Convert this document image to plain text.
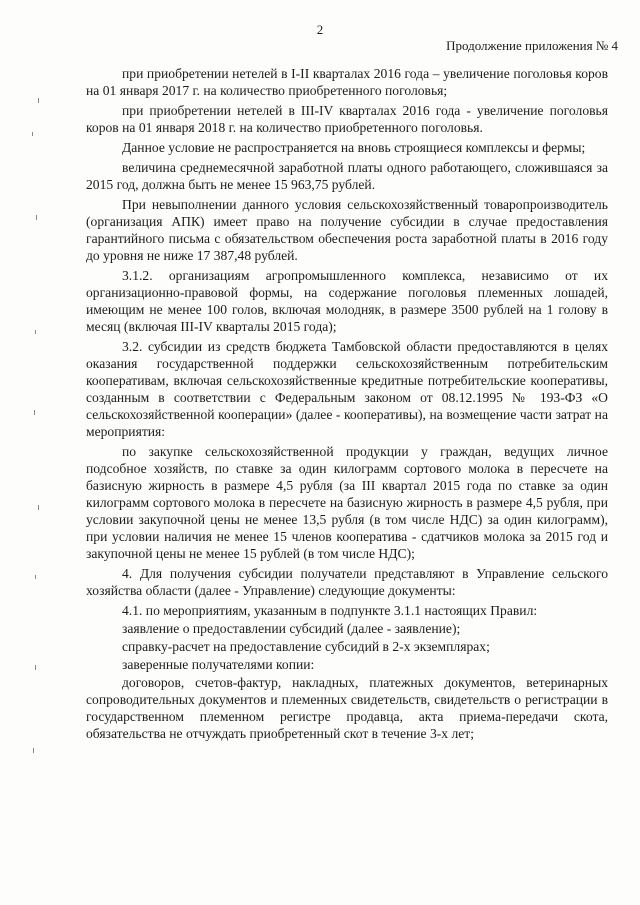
2
Продолжение приложения № 4

при приобретении нетелей в I-II кварталах 2016 года – увеличение поголовья коров на 01 января 2017 г. на количество приобретенного поголовья;

при приобретении нетелей в III-IV кварталах 2016 года - увеличение поголовья коров на 01 января 2018 г. на количество приобретенного поголовья.

Данное условие не распространяется на вновь строящиеся комплексы и фермы;

величина среднемесячной заработной платы одного работающего, сложившаяся за 2015 год, должна быть не менее 15 963,75 рублей.

При невыполнении данного условия сельскохозяйственный товаропроизводитель (организация АПК) имеет право на получение субсидии в случае предоставления гарантийного письма с обязательством обеспечения роста заработной платы в 2016 году до уровня не ниже 17 387,48 рублей.

3.1.2. организациям агропромышленного комплекса, независимо от их организационно-правовой формы, на содержание поголовья племенных лошадей, имеющим не менее 100 голов, включая молодняк, в размере 3500 рублей на 1 голову в месяц (включая III-IV кварталы 2015 года);

3.2. субсидии из средств бюджета Тамбовской области предоставляются в целях оказания государственной поддержки сельскохозяйственным потребительским кооперативам, включая сельскохозяйственные кредитные потребительские кооперативы, созданным в соответствии с Федеральным законом от 08.12.1995 № 193-ФЗ «О сельскохозяйственной кооперации» (далее - кооперативы), на возмещение части затрат на мероприятия:

по закупке сельскохозяйственной продукции у граждан, ведущих личное подсобное хозяйств, по ставке за один килограмм сортового молока в пересчете на базисную жирность в размере 4,5 рубля (за III квартал 2015 года по ставке за один килограмм сортового молока в пересчете на базисную жирность в размере 4,5 рубля, при условии закупочной цены не менее 13,5 рубля (в том числе НДС) за один килограмм), при условии наличия не менее 15 членов кооператива - сдатчиков молока за 2015 год и закупочной цены не менее 15 рублей (в том числе НДС);

4. Для получения субсидии получатели представляют в Управление сельского хозяйства области (далее - Управление) следующие документы:

4.1. по мероприятиям, указанным в подпункте 3.1.1 настоящих Правил:

заявление о предоставлении субсидий (далее - заявление);

справку-расчет на предоставление субсидий в 2-х экземплярах;

заверенные получателями копии:

договоров, счетов-фактур, накладных, платежных документов, ветеринарных сопроводительных документов и племенных свидетельств, свидетельств о регистрации в государственном племенном регистре продавца, акта приема-передачи скота, обязательства не отчуждать приобретенный скот в течение 3-х лет;
